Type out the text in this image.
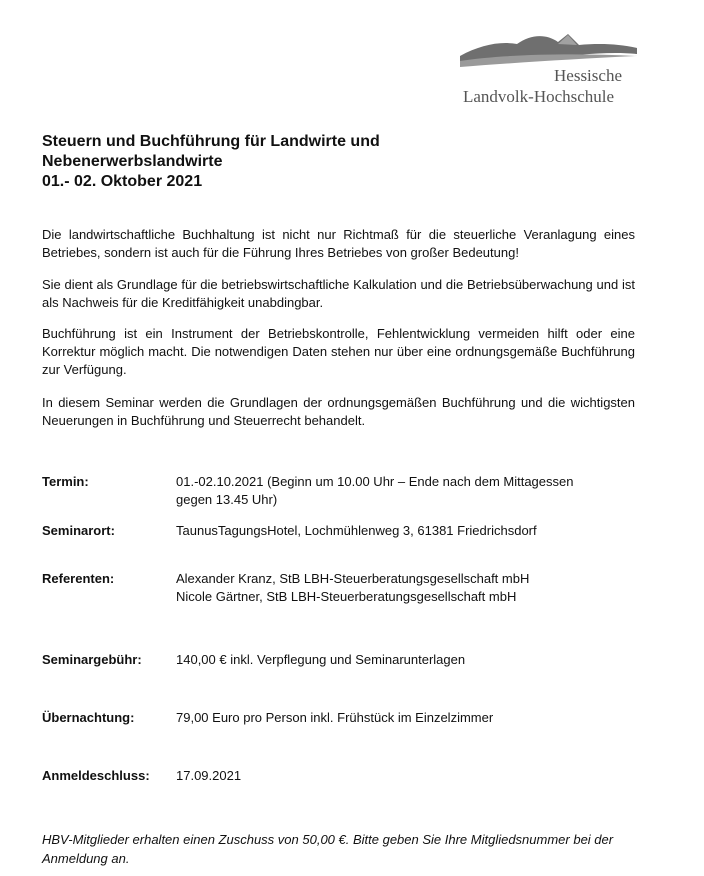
Hessische
Landvolk-Hochschule
Steuern und Buchführung für Landwirte und
Nebenerwerbslandwirte
01.- 02. Oktober 2021

Die landwirtschaftliche Buchhaltung ist nicht nur Richtmaß für die steuerliche Veranlagung eines Betriebes, sondern ist auch für die Führung Ihres Betriebes von großer Bedeutung!

Sie dient als Grundlage für die betriebswirtschaftliche Kalkulation und die Betriebsüberwachung und ist als Nachweis für die Kreditfähigkeit unabdingbar.

Buchführung ist ein Instrument der Betriebskontrolle, Fehlentwicklung vermeiden hilft oder eine Korrektur möglich macht. Die notwendigen Daten stehen nur über eine ordnungsgemäße Buchführung zur Verfügung.

In diesem Seminar werden die Grundlagen der ordnungsgemäßen Buchführung und die wichtigsten Neuerungen in Buchführung und Steuerrecht behandelt.

Termin:	01.-02.10.2021 (Beginn um 10.00 Uhr – Ende nach dem Mittagessen
gegen 13.45 Uhr)
Seminarort:	TaunusTagungsHotel, Lochmühlenweg 3, 61381 Friedrichsdorf
Referenten:	Alexander Kranz, StB LBH-Steuerberatungsgesellschaft mbH
Nicole Gärtner, StB LBH-Steuerberatungsgesellschaft mbH
Seminargebühr:	140,00 € inkl. Verpflegung und Seminarunterlagen
Übernachtung:	79,00 Euro pro Person inkl. Frühstück im Einzelzimmer
Anmeldeschluss: 17.09.2021

HBV-Mitglieder erhalten einen Zuschuss von 50,00 €. Bitte geben Sie Ihre Mitgliedsnummer bei der Anmeldung an.
